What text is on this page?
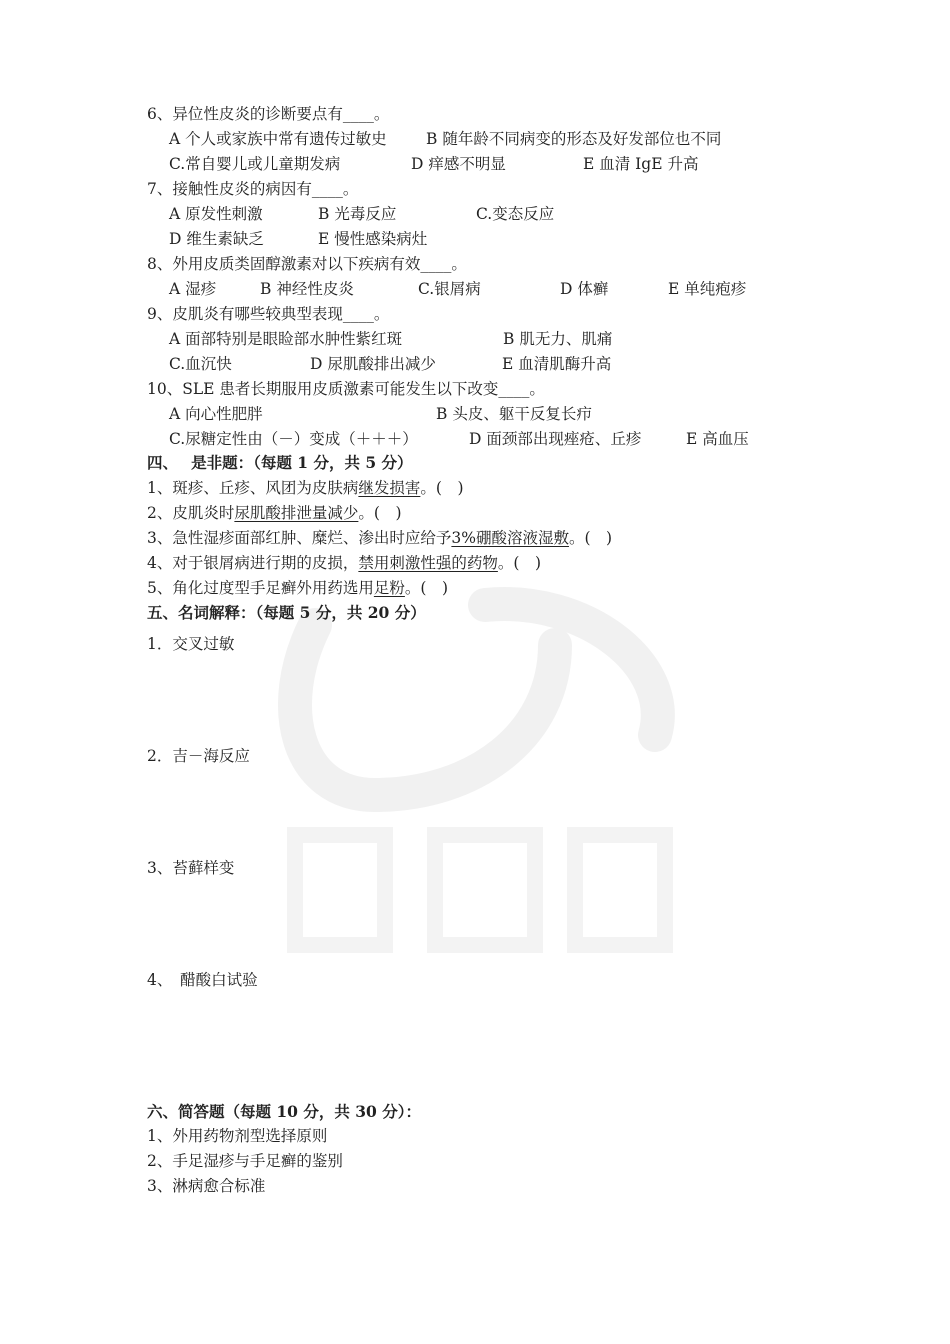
6、异位性皮炎的诊断要点有____。
A 个人或家族中常有遗传过敏史	B 随年龄不同病变的形态及好发部位也不同
C.常自婴儿或儿童期发病	D 痒感不明显	E 血清 IgE 升高
7、接触性皮炎的病因有____。
A 原发性刺激	B 光毒反应	C.变态反应
D 维生素缺乏	E 慢性感染病灶
8、外用皮质类固醇激素对以下疾病有效____。
A 湿疹	B 神经性皮炎	C.银屑病	D 体癣	E 单纯疱疹
9、皮肌炎有哪些较典型表现____。
A 面部特别是眼睑部水肿性紫红斑	B 肌无力、肌痛
C.血沉快	D 尿肌酸排出减少	E 血清肌酶升高
10、SLE 患者长期服用皮质激素可能发生以下改变____。
A 向心性肥胖	B 头皮、躯干反复长疖
C.尿糖定性由（－）变成（＋＋＋）	D 面颈部出现痤疮、丘疹	E 高血压
四、　 是非题：（每题 1 分，共 5 分）
1、斑疹、丘疹、风团为皮肤病继发损害。(　)
2、皮肌炎时尿肌酸排泄量减少。(　)
3、急性湿疹面部红肿、糜烂、渗出时应给予3%硼酸溶液湿敷。(　)
4、对于银屑病进行期的皮损，禁用刺激性强的药物。(　)
5、角化过度型手足癣外用药选用足粉。(　)
五、名词解释：（每题 5 分，共 20 分）
1．交叉过敏
2．吉－海反应
3、苔藓样变
4、　醋酸白试验
六、简答题（每题 10 分，共 30 分）：
1、外用药物剂型选择原则
2、手足湿疹与手足癣的鉴别
3、淋病愈合标准
